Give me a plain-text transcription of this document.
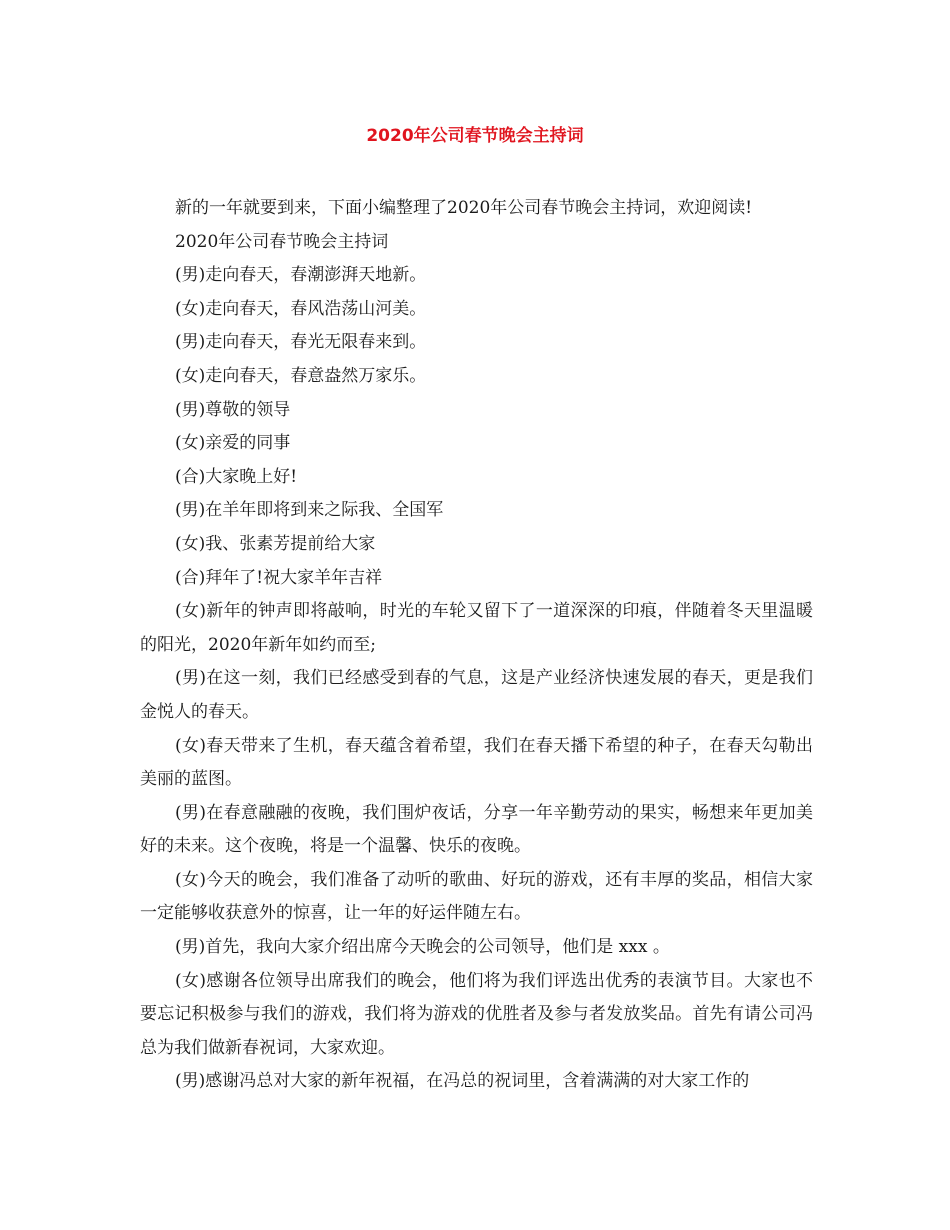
2020年公司春节晚会主持词

新的一年就要到来，下面小编整理了2020年公司春节晚会主持词，欢迎阅读!

2020年公司春节晚会主持词

(男)走向春天，春潮澎湃天地新。

(女)走向春天，春风浩荡山河美。

(男)走向春天，春光无限春来到。

(女)走向春天，春意盎然万家乐。

(男)尊敬的领导

(女)亲爱的同事

(合)大家晚上好!

(男)在羊年即将到来之际我、全国军

(女)我、张素芳提前给大家

(合)拜年了!祝大家羊年吉祥

(女)新年的钟声即将敲响，时光的车轮又留下了一道深深的印痕，伴随着冬天里温暖的阳光，2020年新年如约而至;

(男)在这一刻，我们已经感受到春的气息，这是产业经济快速发展的春天，更是我们金悦人的春天。

(女)春天带来了生机，春天蕴含着希望，我们在春天播下希望的种子，在春天勾勒出美丽的蓝图。

(男)在春意融融的夜晚，我们围炉夜话，分享一年辛勤劳动的果实，畅想来年更加美好的未来。这个夜晚，将是一个温馨、快乐的夜晚。

(女)今天的晚会，我们准备了动听的歌曲、好玩的游戏，还有丰厚的奖品，相信大家一定能够收获意外的惊喜，让一年的好运伴随左右。

(男)首先，我向大家介绍出席今天晚会的公司领导，他们是 xxx 。

(女)感谢各位领导出席我们的晚会，他们将为我们评选出优秀的表演节目。大家也不要忘记积极参与我们的游戏，我们将为游戏的优胜者及参与者发放奖品。首先有请公司冯总为我们做新春祝词，大家欢迎。

(男)感谢冯总对大家的新年祝福，在冯总的祝词里，含着满满的对大家工作的
